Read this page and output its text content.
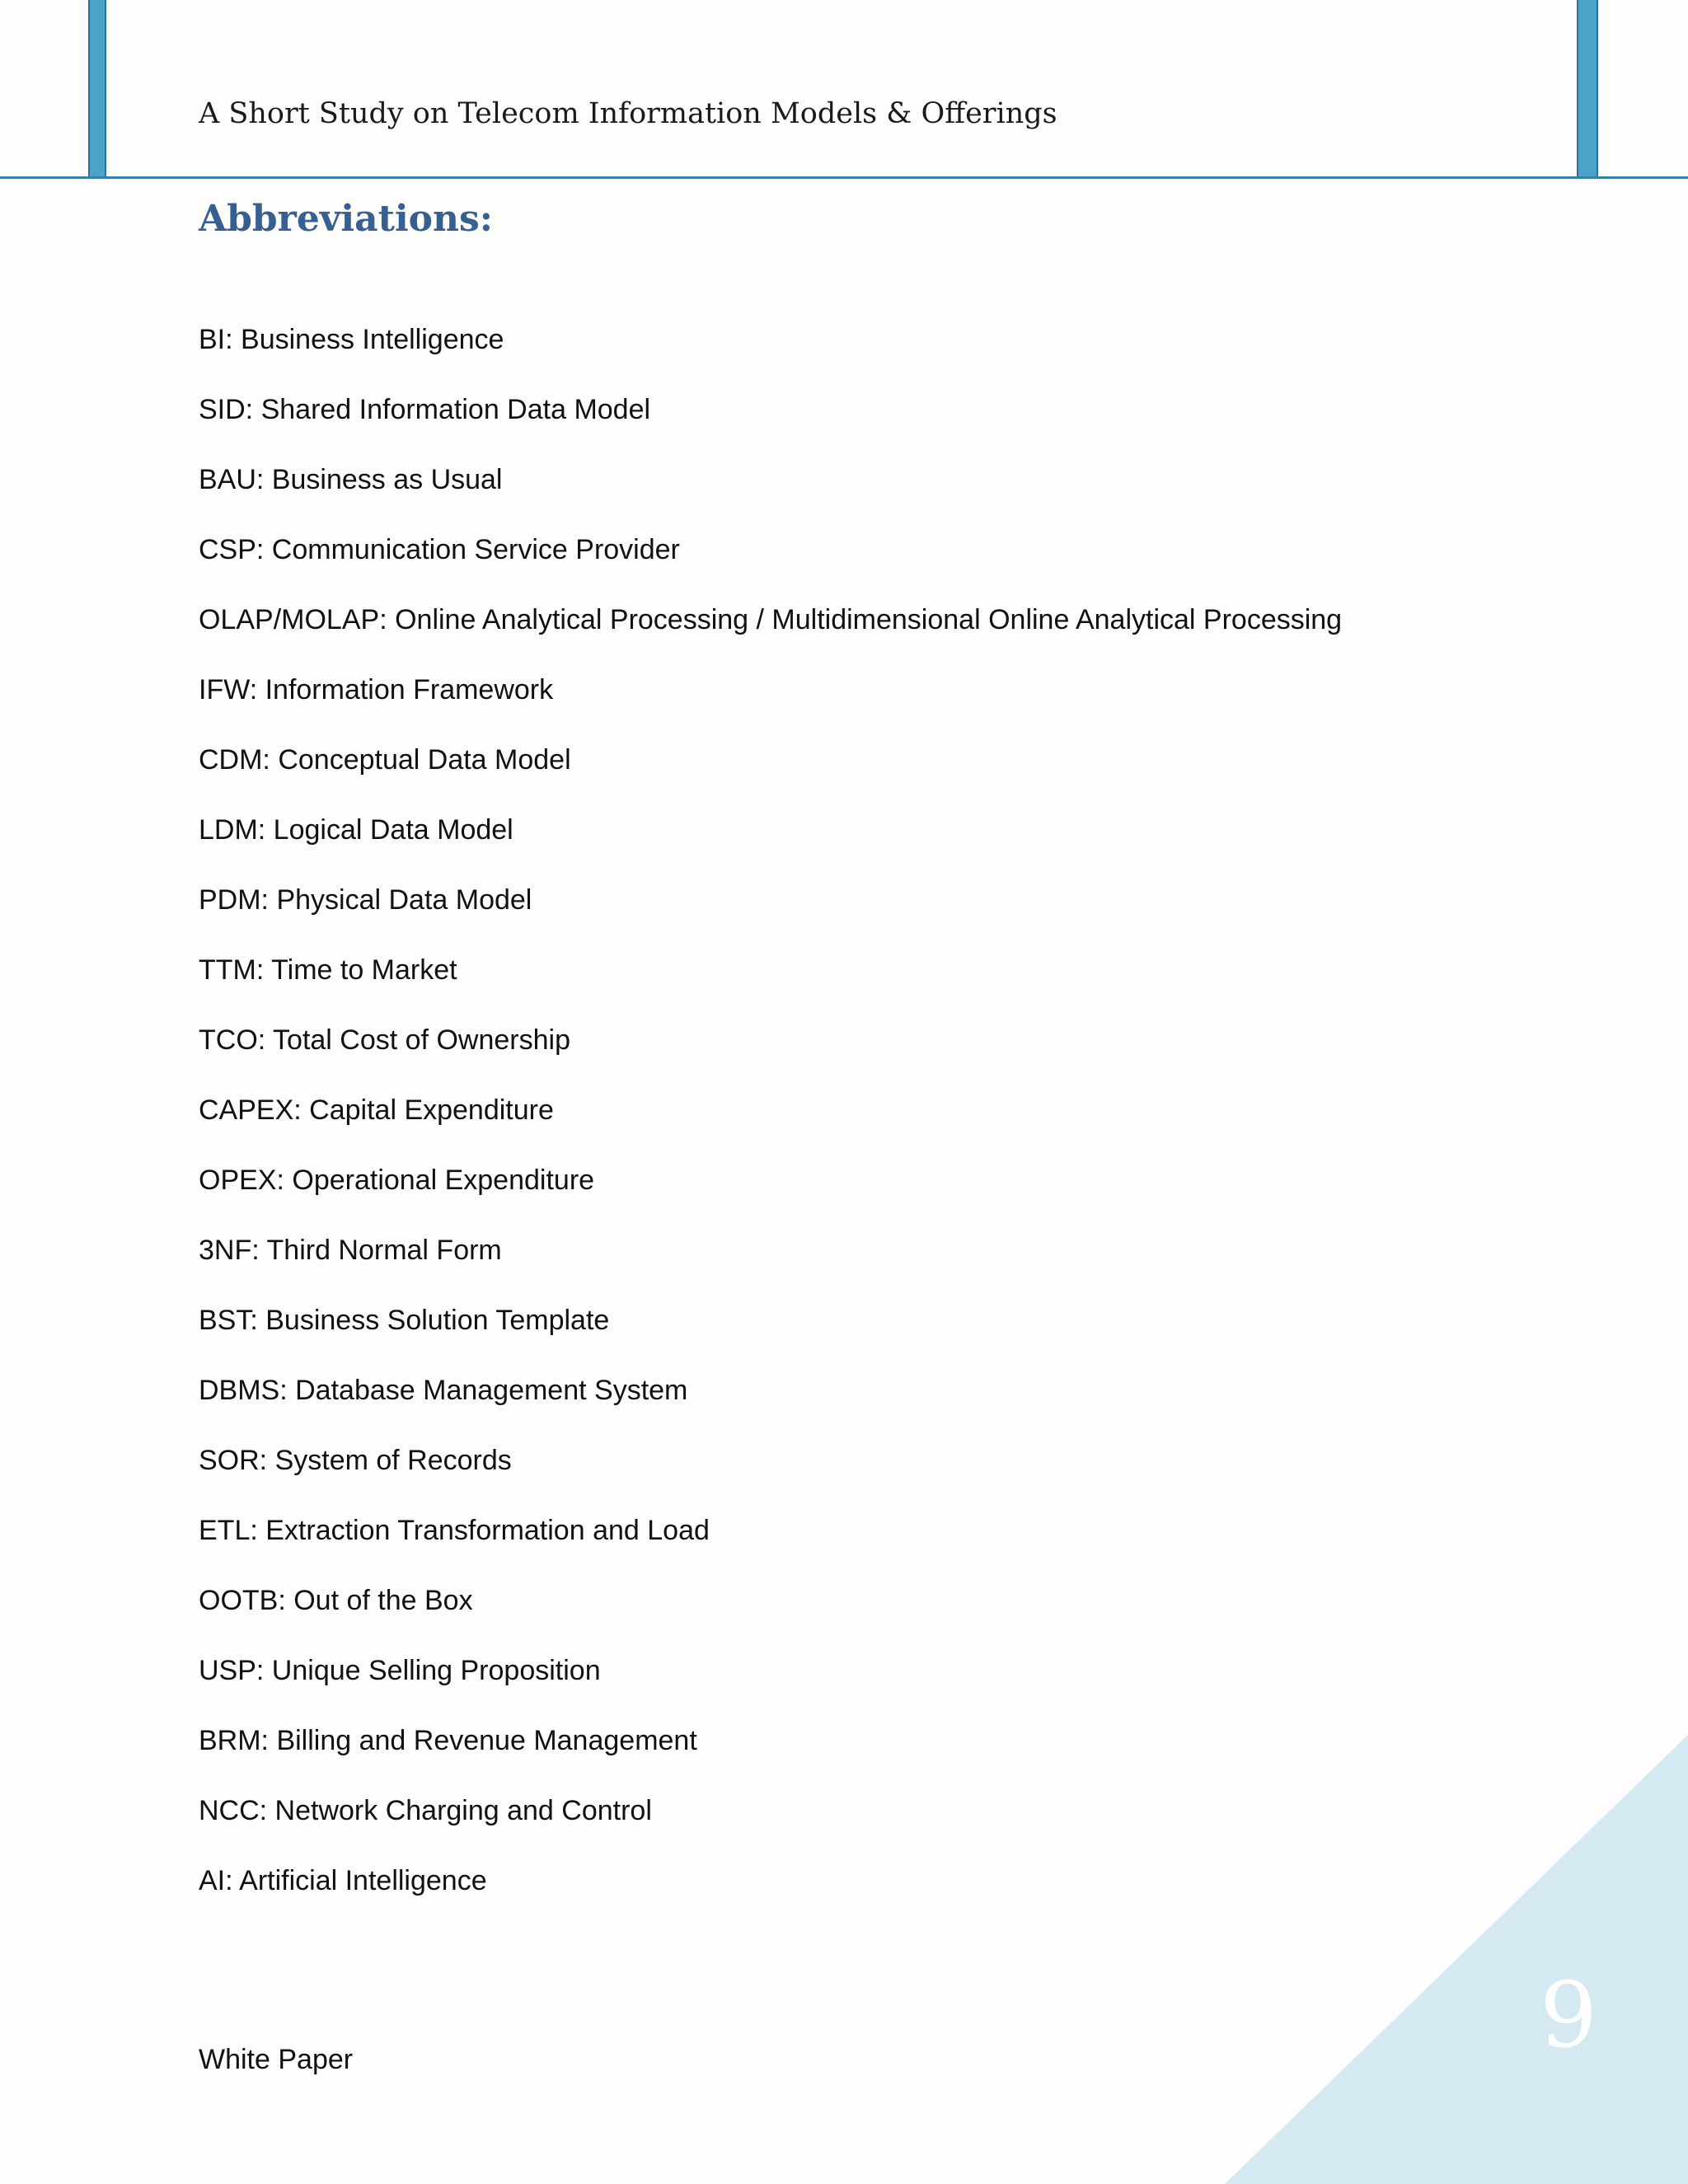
A Short Study on Telecom Information Models & Offerings
Abbreviations:
BI: Business Intelligence
SID: Shared Information Data Model
BAU: Business as Usual
CSP: Communication Service Provider
OLAP/MOLAP: Online Analytical Processing / Multidimensional Online Analytical Processing
IFW: Information Framework
CDM: Conceptual Data Model
LDM: Logical Data Model
PDM: Physical Data Model
TTM: Time to Market
TCO: Total Cost of Ownership
CAPEX: Capital Expenditure
OPEX: Operational Expenditure
3NF: Third Normal Form
BST: Business Solution Template
DBMS: Database Management System
SOR: System of Records
ETL: Extraction Transformation and Load
OOTB: Out of the Box
USP: Unique Selling Proposition
BRM: Billing and Revenue Management
NCC: Network Charging and Control
AI: Artificial Intelligence
White Paper	9
